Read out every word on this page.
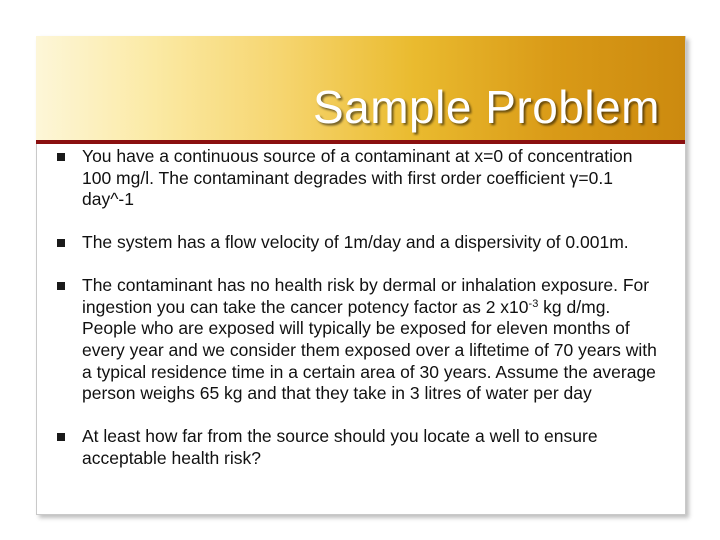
Sample Problem
You have a continuous source of a contaminant at x=0 of concentration 100 mg/l. The contaminant degrades with first order coefficient γ=0.1 day^-1
The system has a flow velocity of 1m/day and a dispersivity of 0.001m.
The contaminant has no health risk by dermal or inhalation exposure. For ingestion you can take the cancer potency factor as 2 $x10^{-3}$ kg d/mg. People who are exposed will typically be exposed for eleven months of every year and we consider them exposed over a liftetime of 70 years with a typical residence time in a certain area of 30 years. Assume the average person weighs 65 kg and that they take in 3 litres of water per day
At least how far from the source should you locate a well to ensure acceptable health risk?
